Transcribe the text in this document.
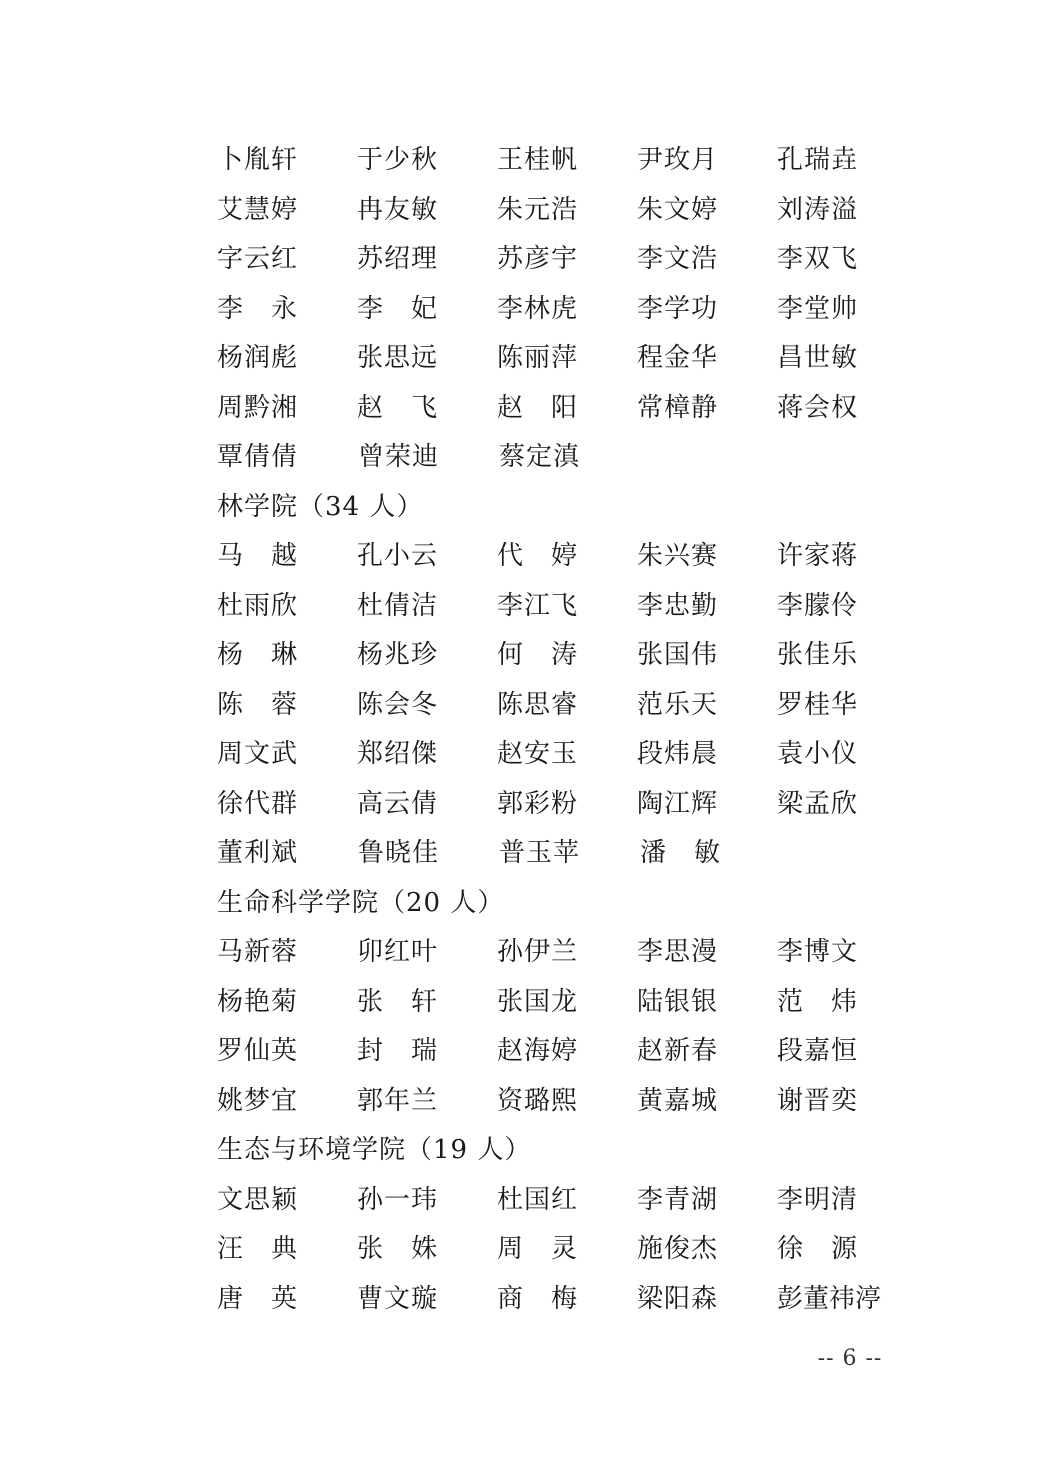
卜胤轩	于少秋	王桂帆	尹玫月	孔瑞垚
艾慧婷	冉友敏	朱元浩	朱文婷	刘涛溢
字云红	苏绍理	苏彦宇	李文浩	李双飞
李　永	李　妃	李林虎	李学功	李堂帅
杨润彪	张思远	陈丽萍	程金华	昌世敏
周黔湘	赵　飞	赵　阳	常樟静	蒋会权
覃倩倩	曾荣迪	蔡定滇
林学院（34 人）
马　越	孔小云	代　婷	朱兴赛	许家蒋
杜雨欣	杜倩洁	李江飞	李忠勤	李朦伶
杨　琳	杨兆珍	何　涛	张国伟	张佳乐
陈　蓉	陈会冬	陈思睿	范乐天	罗桂华
周文武	郑绍傑	赵安玉	段炜晨	袁小仪
徐代群	高云倩	郭彩粉	陶江辉	梁孟欣
董利斌	鲁晓佳	普玉苹	潘　敏
生命科学学院（20 人）
马新蓉	卯红叶	孙伊兰	李思漫	李博文
杨艳菊	张　轩	张国龙	陆银银	范　炜
罗仙英	封　瑞	赵海婷	赵新春	段嘉恒
姚梦宜	郭年兰	资璐熙	黄嘉城	谢晋奕
生态与环境学院（19 人）
文思颖	孙一玮	杜国红	李青湖	李明清
汪　典	张　姝	周　灵	施俊杰	徐　源
唐　英	曹文璇	商　梅	梁阳森	彭董祎渟
-- 6 --
